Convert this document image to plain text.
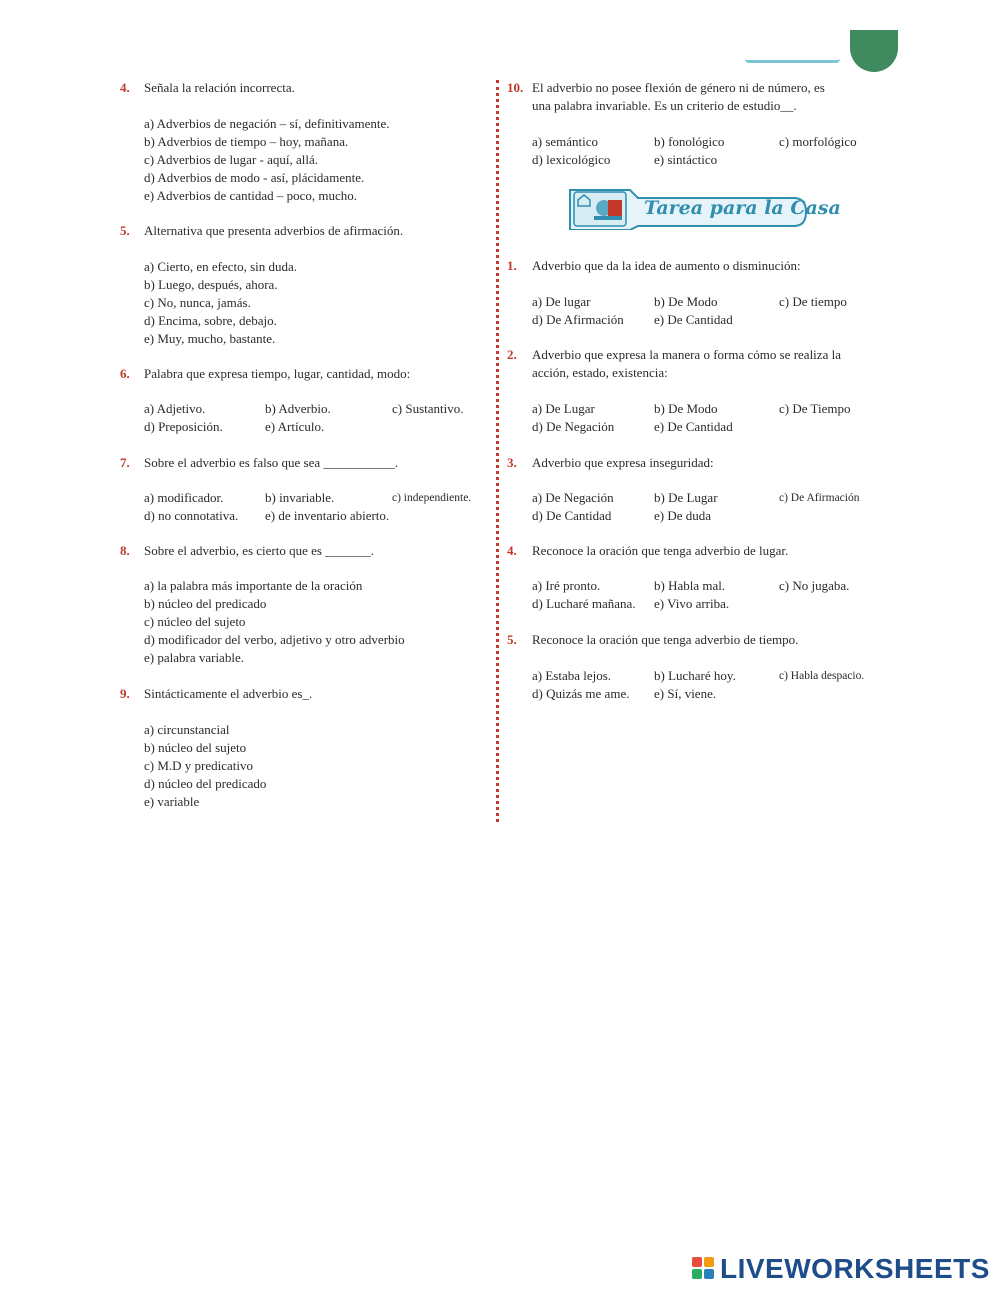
4. Señala la relación incorrecta.
a) Adverbios de negación – sí, definitivamente.
b) Adverbios de tiempo – hoy, mañana.
c) Adverbios de lugar - aquí, allá.
d) Adverbios de modo - así, plácidamente.
e) Adverbios de cantidad – poco, mucho.
5. Alternativa que presenta adverbios de afirmación.
a) Cierto, en efecto, sin duda.
b) Luego, después, ahora.
c) No, nunca, jamás.
d) Encima, sobre, debajo.
e) Muy, mucho, bastante.
6. Palabra que expresa tiempo, lugar, cantidad, modo:
a) Adjetivo.	b) Adverbio.	c) Sustantivo.
d) Preposición.	e) Artículo.
7. Sobre el adverbio es falso que sea ___________.
a) modificador.	b) invariable.	c) independiente.
d) no connotativa. e) de inventario abierto.
8. Sobre el adverbio, es cierto que es _______.
a) la palabra más importante de la oración
b) núcleo del predicado
c) núcleo del sujeto
d) modificador del verbo, adjetivo y otro adverbio
e) palabra variable.
9. Sintácticamente el adverbio es_.
a) circunstancial
b) núcleo del sujeto
c) M.D y predicativo
d) núcleo del predicado
e) variable
10. El adverbio no posee flexión de género ni de número, es
una palabra invariable. Es un criterio de estudio__.
a) semántico	b) fonológico	c) morfológico
d) lexicológico	e) sintáctico
Tarea para la Casa
1. Adverbio que da la idea de aumento o disminución:
a) De lugar	b) De Modo	c) De tiempo
d) De Afirmación e) De Cantidad
2. Adverbio que expresa la manera o forma cómo se realiza la
acción, estado, existencia:
a) De Lugar	b) De Modo	c) De Tiempo
d) De Negación	e) De Cantidad
3. Adverbio que expresa inseguridad:
a) De Negación	b) De Lugar	c) De Afirmación
d) De Cantidad	e) De duda
4. Reconoce la oración que tenga adverbio de lugar.
a) Iré pronto.	b) Habla mal.	c) No jugaba.
d) Lucharé mañana. e) Vivo arriba.
5. Reconoce la oración que tenga adverbio de tiempo.
a) Estaba lejos.	b) Lucharé hoy.	c) Habla despacio.
d) Quizás me ame. e) Sí, viene.
LIVEWORKSHEETS
